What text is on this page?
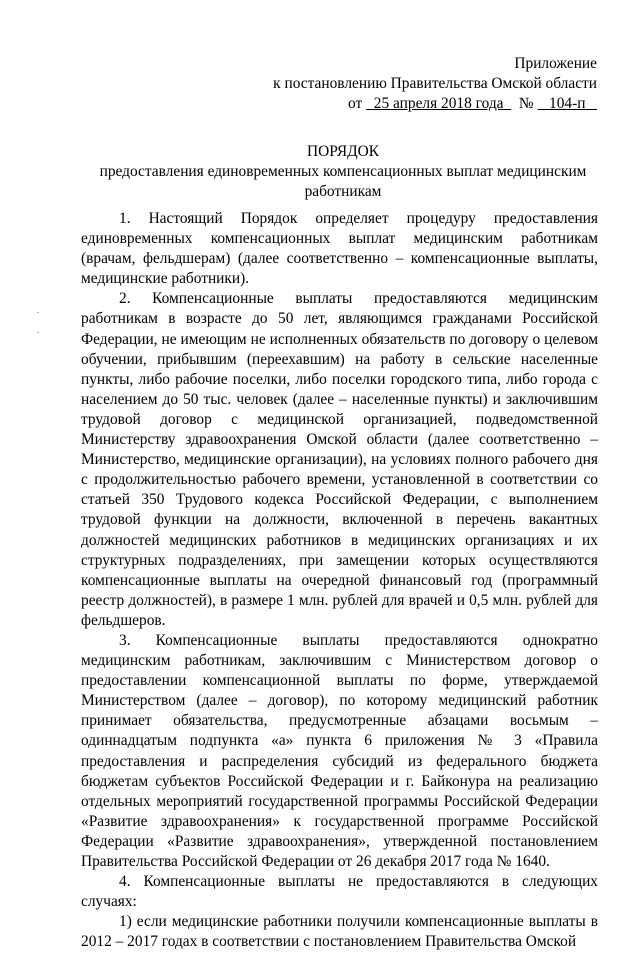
Приложение
к постановлению Правительства Омской области
от 25 апреля 2018 года № 104-п
ПОРЯДОК
предоставления единовременных компенсационных выплат медицинским работникам

1. Настоящий Порядок определяет процедуру предоставления единовременных компенсационных выплат медицинским работникам (врачам, фельдшерам) (далее соответственно – компенсационные выплаты, медицинские работники).

2. Компенсационные выплаты предоставляются медицинским работникам в возрасте до 50 лет, являющимся гражданами Российской Федерации, не имеющим не исполненных обязательств по договору о целевом обучении, прибывшим (переехавшим) на работу в сельские населенные пункты, либо рабочие поселки, либо поселки городского типа, либо города с населением до 50 тыс. человек (далее – населенные пункты) и заключившим трудовой договор с медицинской организацией, подведомственной Министерству здравоохранения Омской области (далее соответственно – Министерство, медицинские организации), на условиях полного рабочего дня с продолжительностью рабочего времени, установленной в соответствии со статьей 350 Трудового кодекса Российской Федерации, с выполнением трудовой функции на должности, включенной в перечень вакантных должностей медицинских работников в медицинских организациях и их структурных подразделениях, при замещении которых осуществляются компенсационные выплаты на очередной финансовый год (программный реестр должностей), в размере 1 млн. рублей для врачей и 0,5 млн. рублей для фельдшеров.

3. Компенсационные выплаты предоставляются однократно медицинским работникам, заключившим с Министерством договор о предоставлении компенсационной выплаты по форме, утверждаемой Министерством (далее – договор), по которому медицинский работник принимает обязательства, предусмотренные абзацами восьмым – одиннадцатым подпункта «а» пункта 6 приложения № 3 «Правила предоставления и распределения субсидий из федерального бюджета бюджетам субъектов Российской Федерации и г. Байконура на реализацию отдельных мероприятий государственной программы Российской Федерации «Развитие здравоохранения» к государственной программе Российской Федерации «Развитие здравоохранения», утвержденной постановлением Правительства Российской Федерации от 26 декабря 2017 года № 1640.

4. Компенсационные выплаты не предоставляются в следующих случаях:

1) если медицинские работники получили компенсационные выплаты в 2012 – 2017 годах в соответствии с постановлением Правительства Омской
